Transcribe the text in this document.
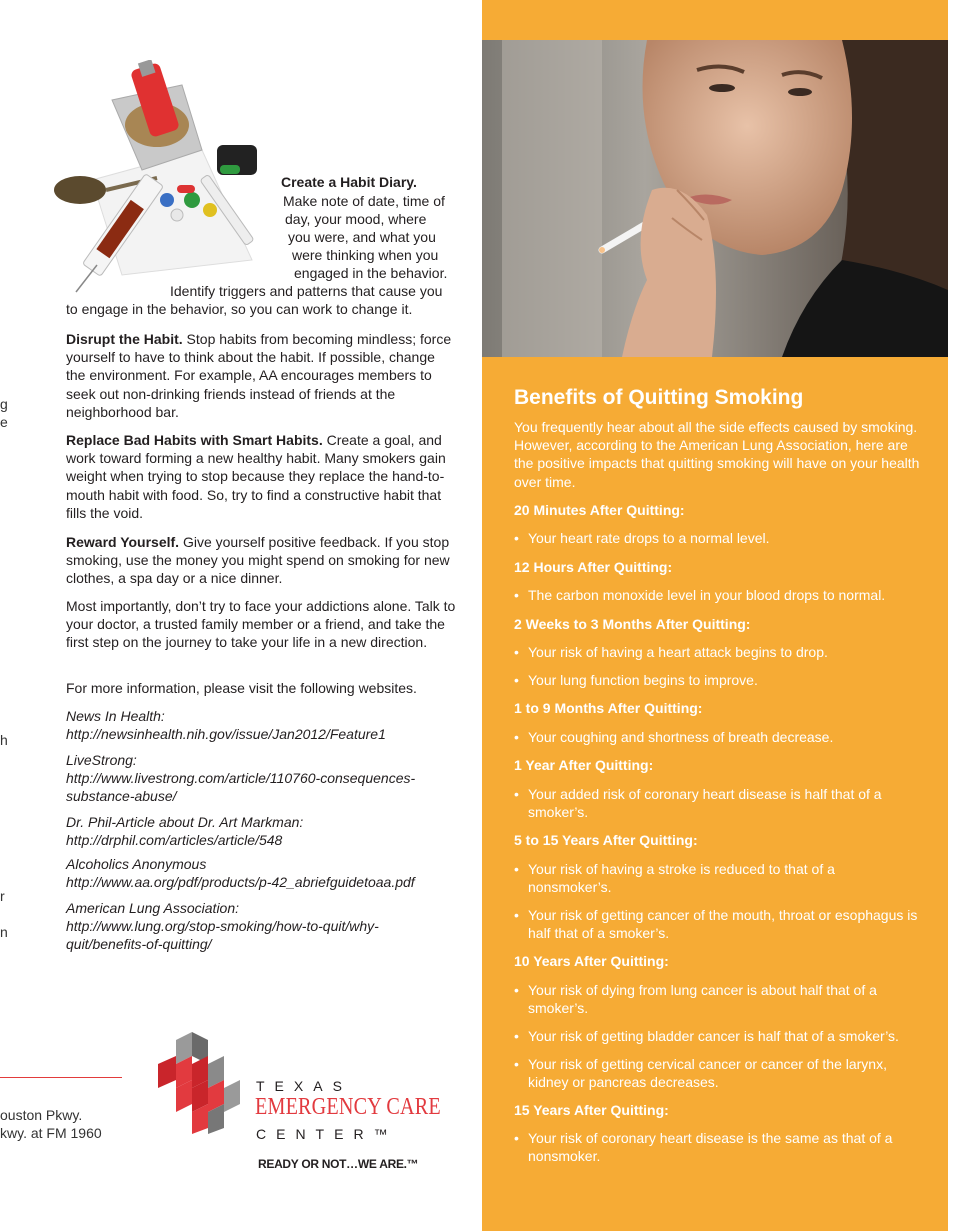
g
e
h
r
n
Create a Habit Diary.
Make note of date, time of
day, your mood, where
you were, and what you
were thinking when you
engaged in the behavior.
Identify triggers and patterns that cause you
to engage in the behavior, so you can work to change it.

Disrupt the Habit. Stop habits from becoming mindless; force yourself to have to think about the habit. If possible, change the environment. For example, AA encourages members to seek out non-drinking friends instead of friends at the neighborhood bar.

Replace Bad Habits with Smart Habits. Create a goal, and work toward forming a new healthy habit. Many smokers gain weight when trying to stop because they replace the hand-to-mouth habit with food. So, try to find a constructive habit that fills the void.

Reward Yourself. Give yourself positive feedback. If you stop smoking, use the money you might spend on smoking for new clothes, a spa day or a nice dinner.

Most importantly, don’t try to face your addictions alone. Talk to your doctor, a trusted family member or a friend, and take the first step on the journey to take your life in a new direction.

For more information, please visit the following websites.

News In Health:
http://newsinhealth.nih.gov/issue/Jan2012/Feature1
LiveStrong:
http://www.livestrong.com/article/110760-consequences-substance-abuse/
Dr. Phil-Article about Dr. Art Markman:
http://drphil.com/articles/article/548
Alcoholics Anonymous
http://www.aa.org/pdf/products/p-42_abriefguidetoaa.pdf
American Lung Association:
http://www.lung.org/stop-smoking/how-to-quit/why-quit/benefits-of-quitting/
ouston Pkwy.
kwy. at FM 1960
TEXAS
EMERGENCY CARE
CENTER™
READY OR NOT…WE ARE.™
Benefits of Quitting Smoking

You frequently hear about all the side effects caused by smoking. However, according to the American Lung Association, here are the positive impacts that quitting smoking will have on your health over time.

20 Minutes After Quitting:
• Your heart rate drops to a normal level.
12 Hours After Quitting:
• The carbon monoxide level in your blood drops to normal.
2 Weeks to 3 Months After Quitting:
• Your risk of having a heart attack begins to drop.
• Your lung function begins to improve.
1 to 9 Months After Quitting:
• Your coughing and shortness of breath decrease.
1 Year After Quitting:
• Your added risk of coronary heart disease is half that of a smoker’s.
5 to 15 Years After Quitting:
• Your risk of having a stroke is reduced to that of a nonsmoker’s.
• Your risk of getting cancer of the mouth, throat or esophagus is half that of a smoker’s.
10 Years After Quitting:
• Your risk of dying from lung cancer is about half that of a smoker’s.
• Your risk of getting bladder cancer is half that of a smoker’s.
• Your risk of getting cervical cancer or cancer of the larynx, kidney or pancreas decreases.
15 Years After Quitting:
• Your risk of coronary heart disease is the same as that of a nonsmoker.
